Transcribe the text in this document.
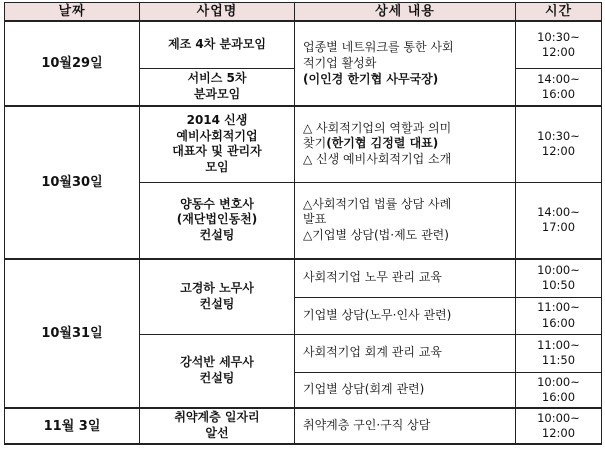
날짜	사업명	상세 내용	시간
10월29일	제조 4차 분과모임	업종별 네트워크를 통한 사회
적기업 활성화
(이인경 한기협 사무국장)	10:30~
12:00

	서비스 5차
분과모임		14:00~
16:00

10월30일	2014 신생
예비사회적기업
대표자 및 관리자
모임	△ 사회적기업의 역할과 의미
찾기(한기협 김정렬 대표)
△ 신생 예비사회적기업 소개	10:30~
12:00

	양동수 변호사
(재단법인동천)
컨설팅	△사회적기업 법률 상담 사례
발표
△기업별 상담(법·제도 관련)	14:00~
17:00

10월31일	고경하 노무사
컨설팅	사회적기업 노무 관리 교육	10:00~
10:50

		기업별 상담(노무·인사 관련)	11:00~
16:00

	강석반 세무사
컨설팅	사회적기업 회계 관리 교육	11:00~
11:50

		기업별 상담(회계 관련)	10:00~
16:00

11월 3일	취약계층 일자리
알선	취약계층 구인·구직 상담	10:00~
12:00
